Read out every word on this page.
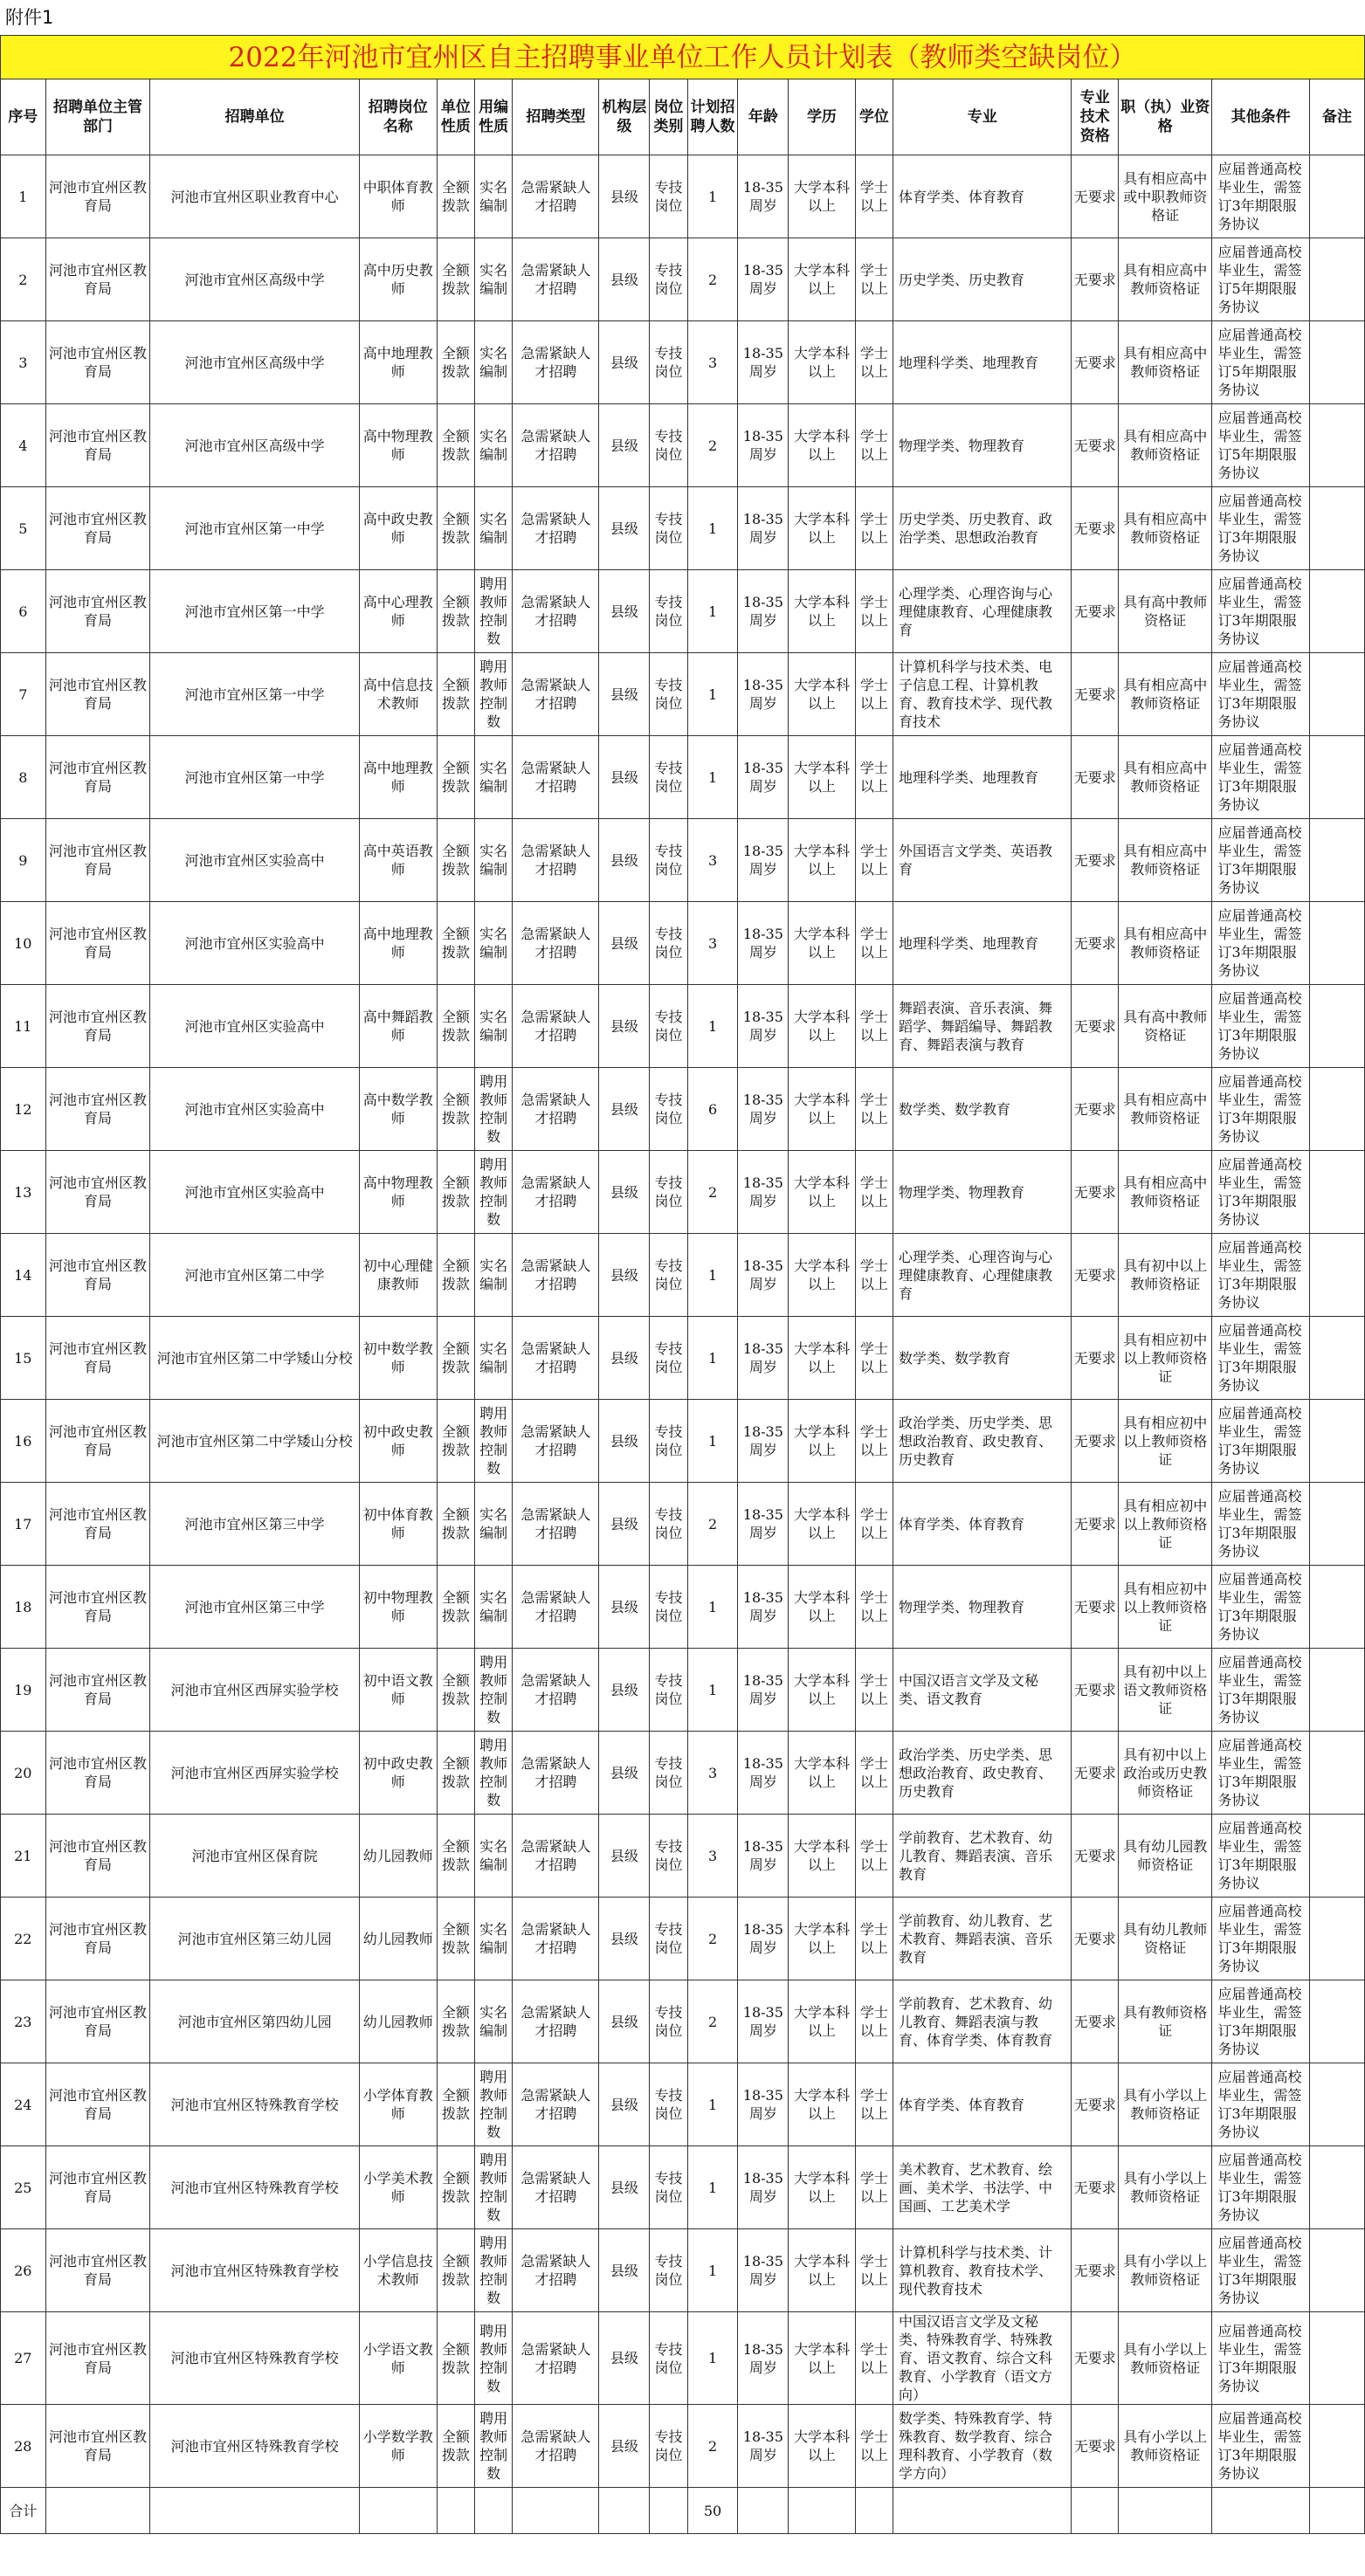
附件1
2022年河池市宜州区自主招聘事业单位工作人员计划表（教师类空缺岗位）
序号	招聘单位主管部门	招聘单位	招聘岗位名称	单位性质	用编性质	招聘类型	机构层级	岗位类别	计划招聘人数	年龄	学历	学位	专业	专业技术资格	职（执）业资格	其他条件	备注
1	河池市宜州区教育局	河池市宜州区职业教育中心	中职体育教师	全额拨款	实名编制	急需紧缺人才招聘	县级	专技岗位	1	18-35周岁	大学本科以上	学士以上	体育学类、体育教育	无要求	具有相应高中或中职教师资格证	应届普通高校毕业生，需签订3年期限服务协议	
2	河池市宜州区教育局	河池市宜州区高级中学	高中历史教师	全额拨款	实名编制	急需紧缺人才招聘	县级	专技岗位	2	18-35周岁	大学本科以上	学士以上	历史学类、历史教育	无要求	具有相应高中教师资格证	应届普通高校毕业生，需签订5年期限服务协议	
3	河池市宜州区教育局	河池市宜州区高级中学	高中地理教师	全额拨款	实名编制	急需紧缺人才招聘	县级	专技岗位	3	18-35周岁	大学本科以上	学士以上	地理科学类、地理教育	无要求	具有相应高中教师资格证	应届普通高校毕业生，需签订5年期限服务协议	
4	河池市宜州区教育局	河池市宜州区高级中学	高中物理教师	全额拨款	实名编制	急需紧缺人才招聘	县级	专技岗位	2	18-35周岁	大学本科以上	学士以上	物理学类、物理教育	无要求	具有相应高中教师资格证	应届普通高校毕业生，需签订5年期限服务协议	
5	河池市宜州区教育局	河池市宜州区第一中学	高中政史教师	全额拨款	实名编制	急需紧缺人才招聘	县级	专技岗位	1	18-35周岁	大学本科以上	学士以上	历史学类、历史教育、政治学类、思想政治教育	无要求	具有相应高中教师资格证	应届普通高校毕业生，需签订3年期限服务协议	
6	河池市宜州区教育局	河池市宜州区第一中学	高中心理教师	全额拨款	聘用教师控制数	急需紧缺人才招聘	县级	专技岗位	1	18-35周岁	大学本科以上	学士以上	心理学类、心理咨询与心理健康教育、心理健康教育	无要求	具有高中教师资格证	应届普通高校毕业生，需签订3年期限服务协议	
7	河池市宜州区教育局	河池市宜州区第一中学	高中信息技术教师	全额拨款	聘用教师控制数	急需紧缺人才招聘	县级	专技岗位	1	18-35周岁	大学本科以上	学士以上	计算机科学与技术类、电子信息工程、计算机教育、教育技术学、现代教育技术	无要求	具有相应高中教师资格证	应届普通高校毕业生，需签订3年期限服务协议	
8	河池市宜州区教育局	河池市宜州区第一中学	高中地理教师	全额拨款	实名编制	急需紧缺人才招聘	县级	专技岗位	1	18-35周岁	大学本科以上	学士以上	地理科学类、地理教育	无要求	具有相应高中教师资格证	应届普通高校毕业生，需签订3年期限服务协议	
9	河池市宜州区教育局	河池市宜州区实验高中	高中英语教师	全额拨款	实名编制	急需紧缺人才招聘	县级	专技岗位	3	18-35周岁	大学本科以上	学士以上	外国语言文学类、英语教育	无要求	具有相应高中教师资格证	应届普通高校毕业生，需签订3年期限服务协议	
10	河池市宜州区教育局	河池市宜州区实验高中	高中地理教师	全额拨款	实名编制	急需紧缺人才招聘	县级	专技岗位	3	18-35周岁	大学本科以上	学士以上	地理科学类、地理教育	无要求	具有相应高中教师资格证	应届普通高校毕业生，需签订3年期限服务协议	
11	河池市宜州区教育局	河池市宜州区实验高中	高中舞蹈教师	全额拨款	实名编制	急需紧缺人才招聘	县级	专技岗位	1	18-35周岁	大学本科以上	学士以上	舞蹈表演、音乐表演、舞蹈学、舞蹈编导、舞蹈教育、舞蹈表演与教育	无要求	具有高中教师资格证	应届普通高校毕业生，需签订3年期限服务协议	
12	河池市宜州区教育局	河池市宜州区实验高中	高中数学教师	全额拨款	聘用教师控制数	急需紧缺人才招聘	县级	专技岗位	6	18-35周岁	大学本科以上	学士以上	数学类、数学教育	无要求	具有相应高中教师资格证	应届普通高校毕业生，需签订3年期限服务协议	
13	河池市宜州区教育局	河池市宜州区实验高中	高中物理教师	全额拨款	聘用教师控制数	急需紧缺人才招聘	县级	专技岗位	2	18-35周岁	大学本科以上	学士以上	物理学类、物理教育	无要求	具有相应高中教师资格证	应届普通高校毕业生，需签订3年期限服务协议	
14	河池市宜州区教育局	河池市宜州区第二中学	初中心理健康教师	全额拨款	实名编制	急需紧缺人才招聘	县级	专技岗位	1	18-35周岁	大学本科以上	学士以上	心理学类、心理咨询与心理健康教育、心理健康教育	无要求	具有初中以上教师资格证	应届普通高校毕业生，需签订3年期限服务协议	
15	河池市宜州区教育局	河池市宜州区第二中学矮山分校	初中数学教师	全额拨款	实名编制	急需紧缺人才招聘	县级	专技岗位	1	18-35周岁	大学本科以上	学士以上	数学类、数学教育	无要求	具有相应初中以上教师资格证	应届普通高校毕业生，需签订3年期限服务协议	
16	河池市宜州区教育局	河池市宜州区第二中学矮山分校	初中政史教师	全额拨款	聘用教师控制数	急需紧缺人才招聘	县级	专技岗位	1	18-35周岁	大学本科以上	学士以上	政治学类、历史学类、思想政治教育、政史教育、历史教育	无要求	具有相应初中以上教师资格证	应届普通高校毕业生，需签订3年期限服务协议	
17	河池市宜州区教育局	河池市宜州区第三中学	初中体育教师	全额拨款	实名编制	急需紧缺人才招聘	县级	专技岗位	2	18-35周岁	大学本科以上	学士以上	体育学类、体育教育	无要求	具有相应初中以上教师资格证	应届普通高校毕业生，需签订3年期限服务协议	
18	河池市宜州区教育局	河池市宜州区第三中学	初中物理教师	全额拨款	实名编制	急需紧缺人才招聘	县级	专技岗位	1	18-35周岁	大学本科以上	学士以上	物理学类、物理教育	无要求	具有相应初中以上教师资格证	应届普通高校毕业生，需签订3年期限服务协议	
19	河池市宜州区教育局	河池市宜州区西屏实验学校	初中语文教师	全额拨款	聘用教师控制数	急需紧缺人才招聘	县级	专技岗位	1	18-35周岁	大学本科以上	学士以上	中国汉语言文学及文秘类、语文教育	无要求	具有初中以上语文教师资格证	应届普通高校毕业生，需签订3年期限服务协议	
20	河池市宜州区教育局	河池市宜州区西屏实验学校	初中政史教师	全额拨款	聘用教师控制数	急需紧缺人才招聘	县级	专技岗位	3	18-35周岁	大学本科以上	学士以上	政治学类、历史学类、思想政治教育、政史教育、历史教育	无要求	具有初中以上政治或历史教师资格证	应届普通高校毕业生，需签订3年期限服务协议	
21	河池市宜州区教育局	河池市宜州区保育院	幼儿园教师	全额拨款	实名编制	急需紧缺人才招聘	县级	专技岗位	3	18-35周岁	大学本科以上	学士以上	学前教育、艺术教育、幼儿教育、舞蹈表演、音乐教育	无要求	具有幼儿园教师资格证	应届普通高校毕业生，需签订3年期限服务协议	
22	河池市宜州区教育局	河池市宜州区第三幼儿园	幼儿园教师	全额拨款	实名编制	急需紧缺人才招聘	县级	专技岗位	2	18-35周岁	大学本科以上	学士以上	学前教育、幼儿教育、艺术教育、舞蹈表演、音乐教育	无要求	具有幼儿教师资格证	应届普通高校毕业生，需签订3年期限服务协议	
23	河池市宜州区教育局	河池市宜州区第四幼儿园	幼儿园教师	全额拨款	实名编制	急需紧缺人才招聘	县级	专技岗位	2	18-35周岁	大学本科以上	学士以上	学前教育、艺术教育、幼儿教育、舞蹈表演与教育、体育学类、体育教育	无要求	具有教师资格证	应届普通高校毕业生，需签订3年期限服务协议	
24	河池市宜州区教育局	河池市宜州区特殊教育学校	小学体育教师	全额拨款	聘用教师控制数	急需紧缺人才招聘	县级	专技岗位	1	18-35周岁	大学本科以上	学士以上	体育学类、体育教育	无要求	具有小学以上教师资格证	应届普通高校毕业生，需签订3年期限服务协议	
25	河池市宜州区教育局	河池市宜州区特殊教育学校	小学美术教师	全额拨款	聘用教师控制数	急需紧缺人才招聘	县级	专技岗位	1	18-35周岁	大学本科以上	学士以上	美术教育、艺术教育、绘画、美术学、书法学、中国画、工艺美术学	无要求	具有小学以上教师资格证	应届普通高校毕业生，需签订3年期限服务协议	
26	河池市宜州区教育局	河池市宜州区特殊教育学校	小学信息技术教师	全额拨款	聘用教师控制数	急需紧缺人才招聘	县级	专技岗位	1	18-35周岁	大学本科以上	学士以上	计算机科学与技术类、计算机教育、教育技术学、现代教育技术	无要求	具有小学以上教师资格证	应届普通高校毕业生，需签订3年期限服务协议	
27	河池市宜州区教育局	河池市宜州区特殊教育学校	小学语文教师	全额拨款	聘用教师控制数	急需紧缺人才招聘	县级	专技岗位	1	18-35周岁	大学本科以上	学士以上	中国汉语言文学及文秘类、特殊教育学、特殊教育、语文教育、综合文科教育、小学教育（语文方向）	无要求	具有小学以上教师资格证	应届普通高校毕业生，需签订3年期限服务协议	
28	河池市宜州区教育局	河池市宜州区特殊教育学校	小学数学教师	全额拨款	聘用教师控制数	急需紧缺人才招聘	县级	专技岗位	2	18-35周岁	大学本科以上	学士以上	数学类、特殊教育学、特殊教育、数学教育、综合理科教育、小学教育（数学方向）	无要求	具有小学以上教师资格证	应届普通高校毕业生，需签订3年期限服务协议	
合计									50								
